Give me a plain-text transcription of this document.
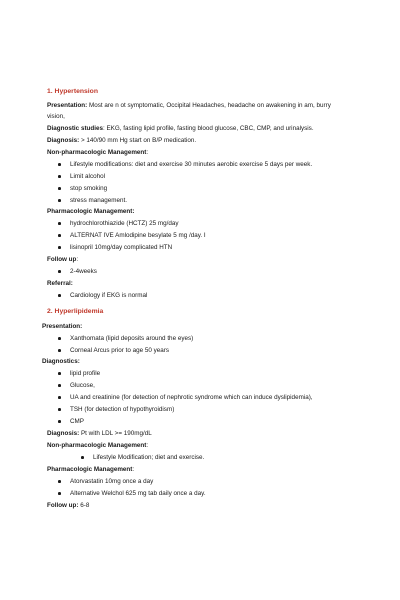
1. Hypertension
Presentation: Most are n ot symptomatic, Occipital Headaches, headache on awakening in am, burry
vision,
Diagnostic studies: EKG, fasting lipid profile, fasting blood glucose, CBC, CMP, and urinalysis.
Diagnosis: > 140/90 mm Hg start on B/P medication.
Non-pharmacologic Management:
Lifestyle modifications: diet and exercise 30 minutes aerobic exercise 5 days per week.
Limit alcohol
stop smoking
stress management.
Pharmacologic Management:
hydrochlorothiazide (HCTZ) 25 mg/day
ALTERNAT IVE Amlodipine besylate 5 mg /day. I
lisinopril 10mg/day complicated HTN
Follow up:
2-4weeks
Referral:
Cardiology if EKG is normal
2. Hyperlipidemia
Presentation:
Xanthomata (lipid deposits around the eyes)
Corneal Arcus prior to age 50 years
Diagnostics:
lipid profile
Glucose,
UA and creatinine (for detection of nephrotic syndrome which can induce dyslipidemia),
TSH (for detection of hypothyroidism)
CMP
Diagnosis: Pt with LDL >= 190mg/dL
Non-pharmacologic Management:
Lifestyle Modification; diet and exercise.
Pharmacologic Management:
Atorvastatin 10mg once a day
Alternative Welchol 625 mg tab daily once a day.
Follow up: 6-8
